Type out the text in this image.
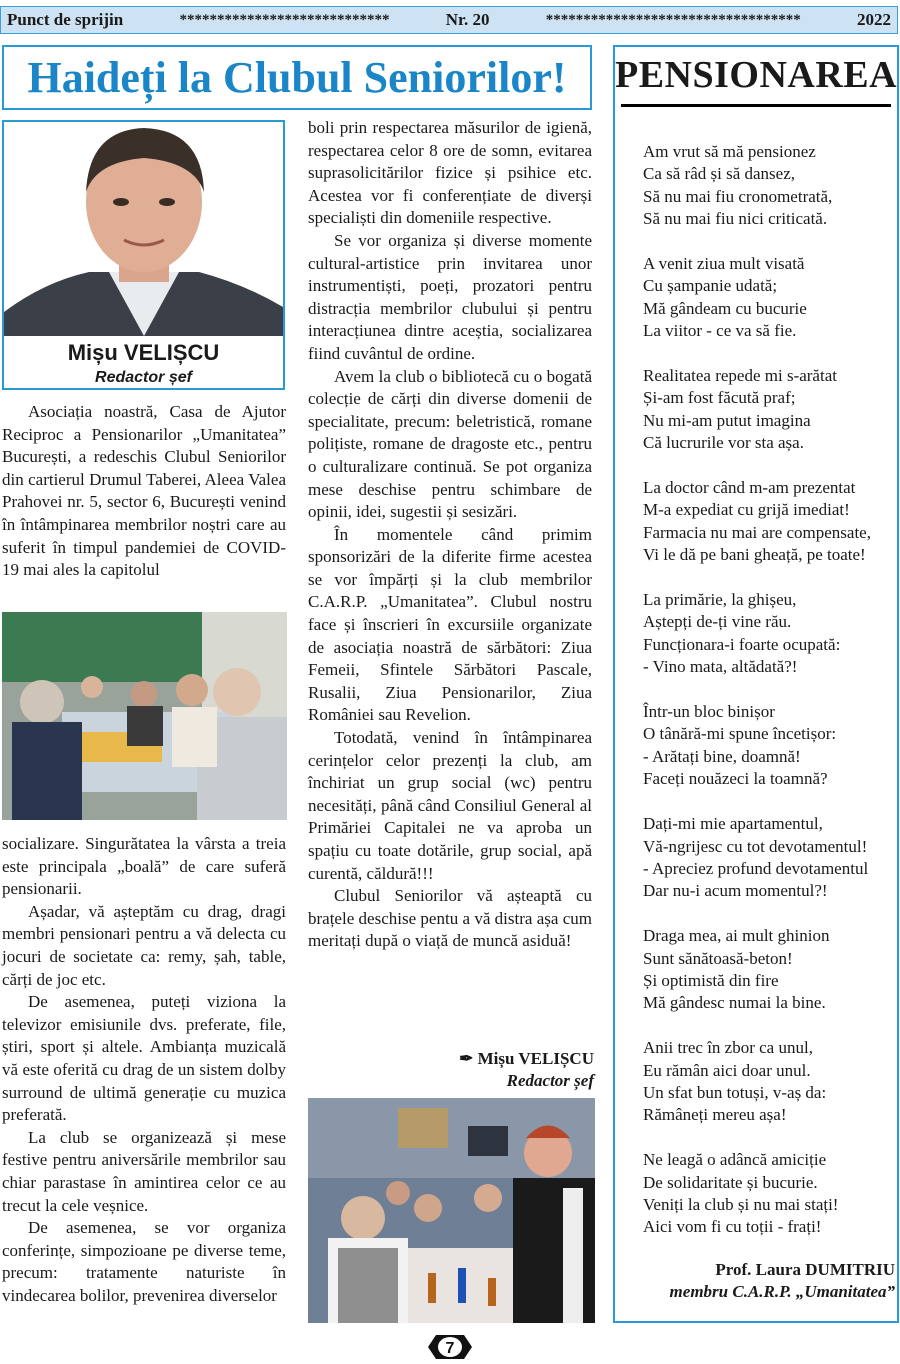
Punct de sprijin	****************************	Nr. 20	**********************************	2022
Haideți la Clubul Seniorilor!
Mișu VELIȘCU
Redactor șef

Asociația noastră, Casa de Ajutor Reciproc a Pensionarilor „Umanitatea” București, a redeschis Clubul Seniorilor din cartierul Drumul Taberei, Aleea Valea Prahovei nr. 5, sector 6, București venind în întâmpinarea membrilor noștri care au suferit în timpul pandemiei de COVID-19 mai ales la capitolul

socializare. Singurătatea la vârsta a treia este principala „boală” de care suferă pensionarii.

Așadar, vă așteptăm cu drag, dragi membri pensionari pentru a vă delecta cu jocuri de societate ca: remy, șah, table, cărți de joc etc.

De asemenea, puteți viziona la televizor emisiunile dvs. preferate, file, știri, sport și altele. Ambianța muzicală vă este oferită cu drag de un sistem dolby surround de ultimă generație cu muzica preferată.

La club se organizează și mese festive pentru aniversările membrilor sau chiar parastase în amintirea celor ce au trecut la cele veșnice.

De asemenea, se vor organiza conferințe, simpozioane pe diverse teme, precum: tratamente naturiste în vindecarea bolilor, prevenirea diverselor

boli prin respectarea măsurilor de igienă, respectarea celor 8 ore de somn, evitarea suprasolicitărilor fizice și psihice etc. Acestea vor fi conferențiate de diverși specialiști din domeniile respective.

Se vor organiza și diverse momente cultural-artistice prin invitarea unor instrumentiști, poeți, prozatori pentru distracția membrilor clubului și pentru interacțiunea dintre aceștia, socializarea fiind cuvântul de ordine.

Avem la club o bibliotecă cu o bogată colecție de cărți din diverse domenii de specialitate, precum: beletristică, romane polițiste, romane de dragoste etc., pentru o culturalizare continuă. Se pot organiza mese deschise pentru schimbare de opinii, idei, sugestii și sesizări.

În momentele când primim sponsorizări de la diferite firme acestea se vor împărți și la club membrilor C.A.R.P. „Umanitatea”. Clubul nostru face și înscrieri în excursiile organizate de asociația noastră de sărbători: Ziua Femeii, Sfintele Sărbători Pascale, Rusalii, Ziua Pensionarilor, Ziua României sau Revelion.

Totodată, venind în întâmpinarea cerințelor celor prezenți la club, am închiriat un grup social (wc) pentru necesități, până când Consiliul General al Primăriei Capitalei ne va aproba un spațiu cu toate dotările, grup social, apă curentă, căldură!!!

Clubul Seniorilor vă așteaptă cu brațele deschise pentu a vă distra așa cum meritați după o viață de muncă asiduă!

✒ Mișu VELIȘCU
Redactor șef
PENSIONAREA
Am vrut să mă pensionez
Ca să râd și să dansez,
Să nu mai fiu cronometrată,
Să nu mai fiu nici criticată.
A venit ziua mult visată
Cu șampanie udată;
Mă gândeam cu bucurie
La viitor - ce va să fie.
Realitatea repede mi s-arătat
Și-am fost făcută praf;
Nu mi-am putut imagina
Că lucrurile vor sta așa.
La doctor când m-am prezentat
M-a expediat cu grijă imediat!
Farmacia nu mai are compensate,
Vi le dă pe bani gheață, pe toate!
La primărie, la ghișeu,
Aștepți de-ți vine rău.
Funcționara-i foarte ocupată:
- Vino mata, altădată?!
Într-un bloc binișor
O tânără-mi spune încetișor:
- Arătați bine, doamnă!
Faceți nouăzeci la toamnă?
Dați-mi mie apartamentul,
Vă-ngrijesc cu tot devotamentul!
- Apreciez profund devotamentul
Dar nu-i acum momentul?!
Draga mea, ai mult ghinion
Sunt sănătoasă-beton!
Și optimistă din fire
Mă gândesc numai la bine.
Anii trec în zbor ca unul,
Eu rămân aici doar unul.
Un sfat bun totuși, v-aș da:
Rămâneți mereu așa!
Ne leagă o adâncă amiciție
De solidaritate și bucurie.
Veniți la club și nu mai stați!
Aici vom fi cu toții - frați!
Prof. Laura DUMITRIU
membru C.A.R.P. „Umanitatea”
7
